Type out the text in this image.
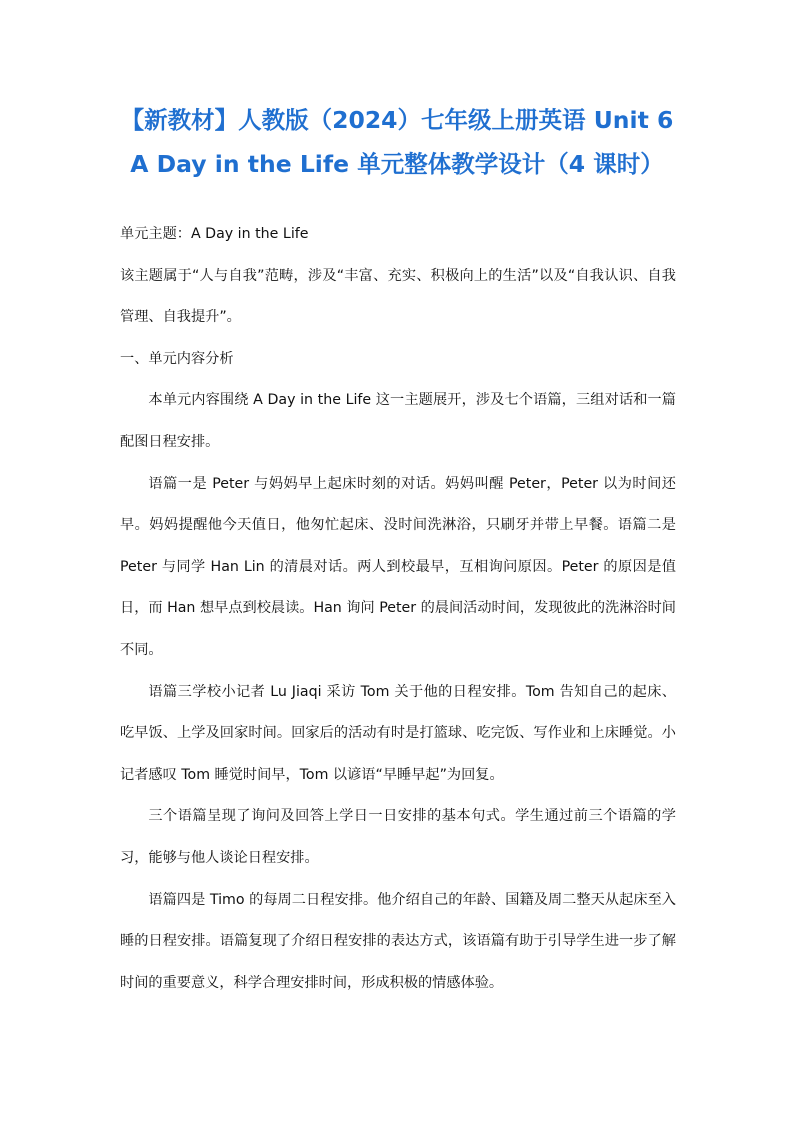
【新教材】人教版（2024）七年级上册英语 Unit 6
A Day in the Life 单元整体教学设计（4 课时）

单元主题：A Day in the Life

该主题属于“人与自我”范畴，涉及“丰富、充实、积极向上的生活”以及“自我认识、自我管理、自我提升”。

一、单元内容分析

本单元内容围绕 A Day in the Life 这一主题展开，涉及七个语篇，三组对话和一篇配图日程安排。

语篇一是 Peter 与妈妈早上起床时刻的对话。妈妈叫醒 Peter，Peter 以为时间还早。妈妈提醒他今天值日，他匆忙起床、没时间洗淋浴，只刷牙并带上早餐。语篇二是 Peter 与同学 Han Lin 的清晨对话。两人到校最早，互相询问原因。Peter 的原因是值日，而 Han 想早点到校晨读。Han 询问 Peter 的晨间活动时间，发现彼此的洗淋浴时间不同。

语篇三学校小记者 Lu Jiaqi 采访 Tom 关于他的日程安排。Tom 告知自己的起床、吃早饭、上学及回家时间。回家后的活动有时是打篮球、吃完饭、写作业和上床睡觉。小记者感叹 Tom 睡觉时间早，Tom 以谚语“早睡早起”为回复。

三个语篇呈现了询问及回答上学日一日安排的基本句式。学生通过前三个语篇的学习，能够与他人谈论日程安排。

语篇四是 Timo 的每周二日程安排。他介绍自己的年龄、国籍及周二整天从起床至入睡的日程安排。语篇复现了介绍日程安排的表达方式，该语篇有助于引导学生进一步了解时间的重要意义，科学合理安排时间，形成积极的情感体验。
